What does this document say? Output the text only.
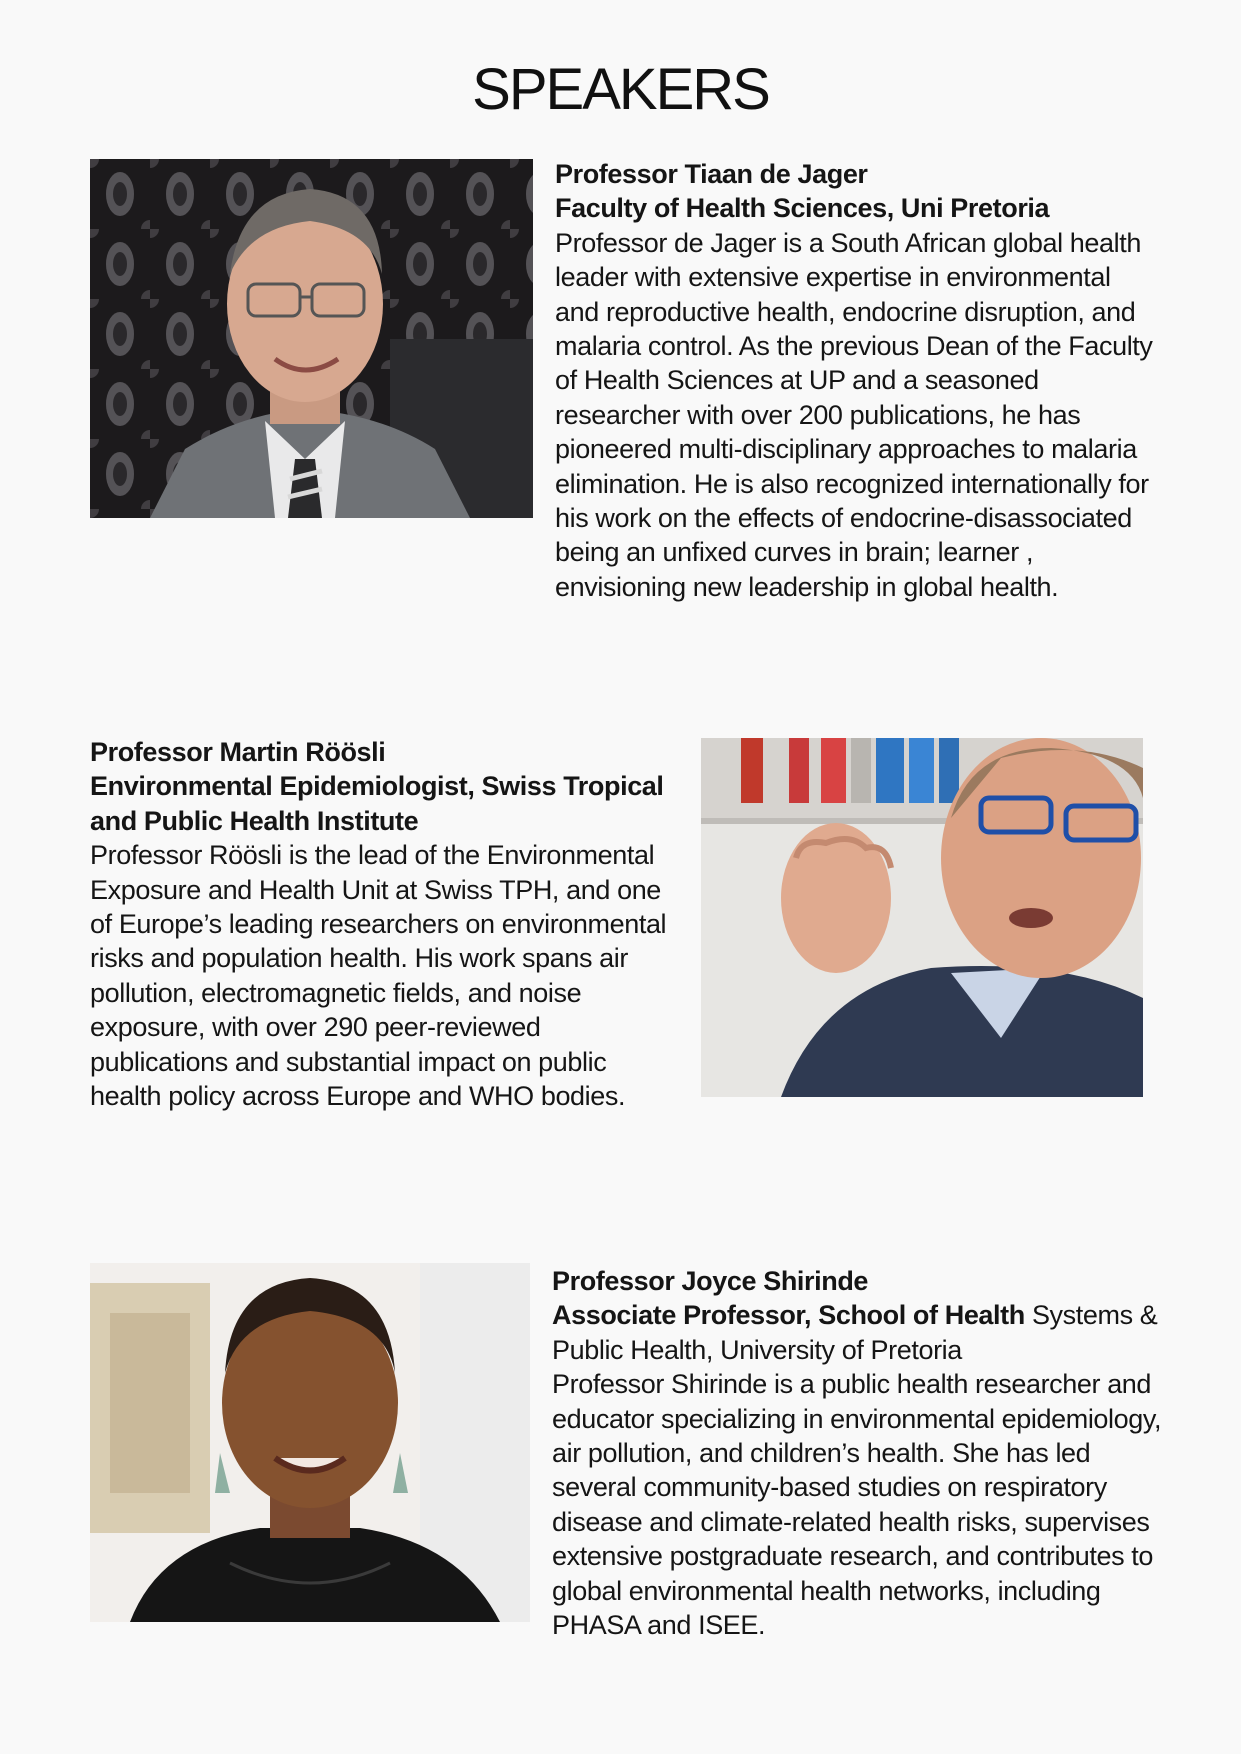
SPEAKERS
Professor Tiaan de Jager
Faculty of Health Sciences, Uni Pretoria
Professor de Jager is a South African global health leader with extensive expertise in environmental and reproductive health, endocrine disruption, and malaria control. As the previous Dean of the Faculty of Health Sciences at UP and a seasoned researcher with over 200 publications, he has pioneered multi-disciplinary approaches to malaria elimination. He is also recognized internationally for his work on the effects of endocrine-disassociated being an unfixed curves in brain; learner , envisioning new leadership in global health.
Professor Martin Röösli
Environmental Epidemiologist, Swiss Tropical and Public Health Institute
Professor Röösli is the lead of the Environmental Exposure and Health Unit at Swiss TPH, and one of Europe’s leading researchers on environmental risks and population health. His work spans air pollution, electromagnetic fields, and noise exposure, with over 290 peer-reviewed publications and substantial impact on public health policy across Europe and WHO bodies.
Professor Joyce Shirinde
Associate Professor, School of Health Systems & Public Health, University of Pretoria
Professor Shirinde is a public health researcher and educator specializing in environmental epidemiology, air pollution, and children’s health. She has led several community-based studies on respiratory disease and climate-related health risks, supervises extensive postgraduate research, and contributes to global environmental health networks, including PHASA and ISEE.
